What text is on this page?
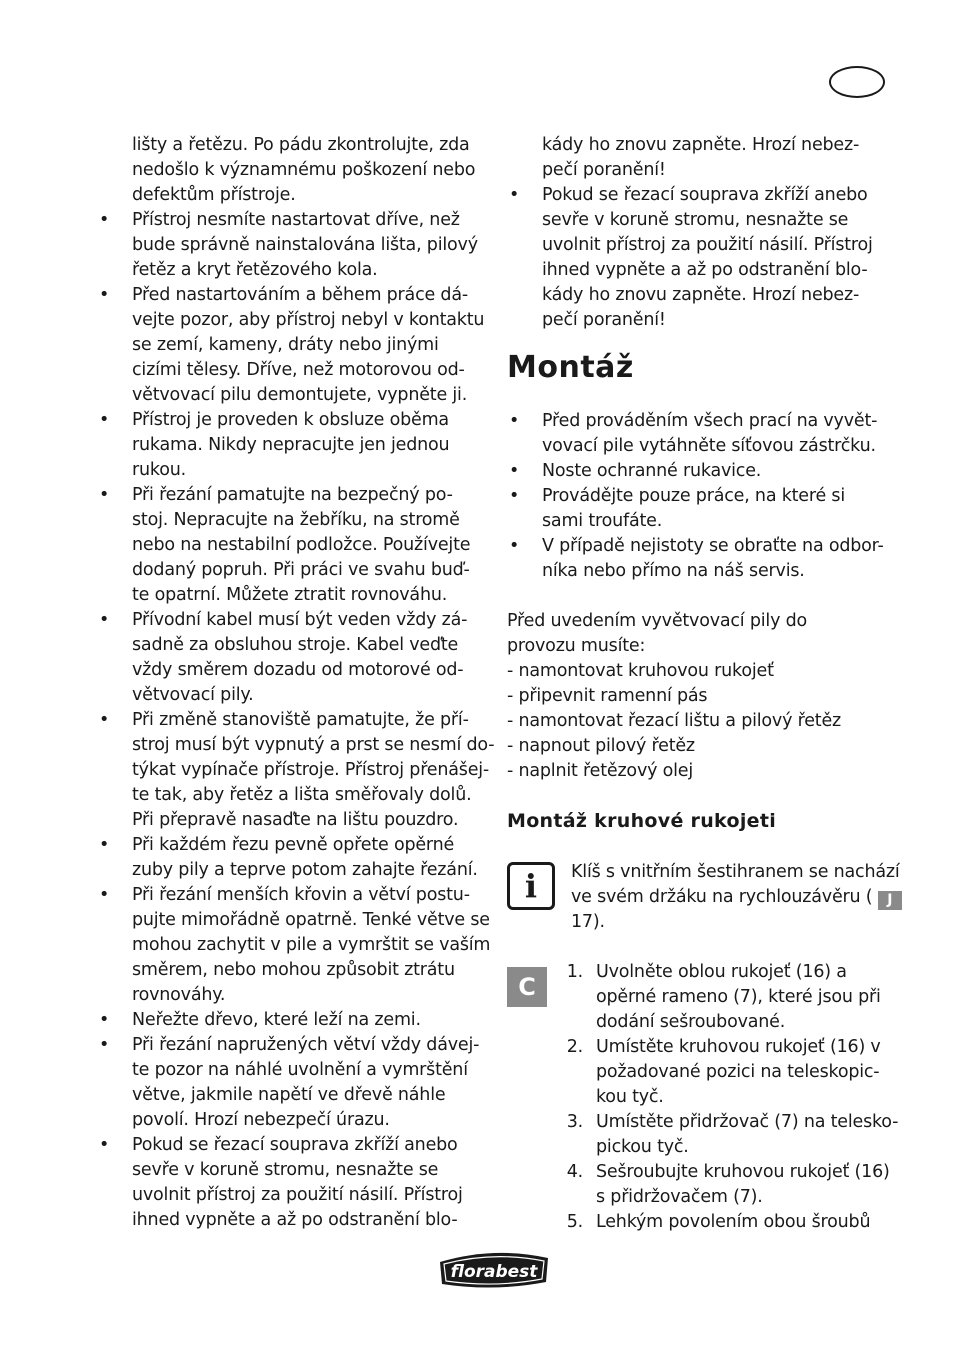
lišty a řetězu. Po pádu zkontrolujte, zda
nedošlo k významnému poškození nebo
defektům přístroje.
• Přístroj nesmíte nastartovat dříve, než
bude správně nainstalována lišta, pilový
řetěz a kryt řetězového kola.
• Před nastartováním a během práce dá-
vejte pozor, aby přístroj nebyl v kontaktu
se zemí, kameny, dráty nebo jinými
cizími tělesy. Dříve, než motorovou od-
větvovací pilu demontujete, vypněte ji.
• Přístroj je proveden k obsluze oběma
rukama. Nikdy nepracujte jen jednou
rukou.
• Při řezání pamatujte na bezpečný po-
stoj. Nepracujte na žebříku, na stromě
nebo na nestabilní podložce. Používejte
dodaný popruh. Při práci ve svahu buď-
te opatrní. Můžete ztratit rovnováhu.
• Přívodní kabel musí být veden vždy zá-
sadně za obsluhou stroje. Kabel veďte
vždy směrem dozadu od motorové od-
větvovací pily.
• Při změně stanoviště pamatujte, že pří-
stroj musí být vypnutý a prst se nesmí do-
týkat vypínače přístroje. Přístroj přenášej-
te tak, aby řetěz a lišta směřovaly dolů.
Při přepravě nasaďte na lištu pouzdro.
• Při každém řezu pevně opřete opěrné
zuby pily a teprve potom zahajte řezání.
• Při řezání menších křovin a větví postu-
pujte mimořádně opatrně. Tenké větve se
mohou zachytit v pile a vymrštit se vaším
směrem, nebo mohou způsobit ztrátu
rovnováhy.
• Neřežte dřevo, které leží na zemi.
• Při řezání napružených větví vždy dávej-
te pozor na náhlé uvolnění a vymrštění
větve, jakmile napětí ve dřevě náhle
povolí. Hrozí nebezpečí úrazu.
• Pokud se řezací souprava zkříží anebo
sevře v koruně stromu, nesnažte se
uvolnit přístroj za použití násilí. Přístroj
ihned vypněte a až po odstranění blo-
kády ho znovu zapněte. Hrozí nebez-
pečí poranění!
• Pokud se řezací souprava zkříží anebo
sevře v koruně stromu, nesnažte se
uvolnit přístroj za použití násilí. Přístroj
ihned vypněte a až po odstranění blo-
kády ho znovu zapněte. Hrozí nebez-
pečí poranění!
Montáž
• Před prováděním všech prací na vyvět-
vovací pile vytáhněte síťovou zástrčku.
• Noste ochranné rukavice.
• Provádějte pouze práce, na které si
sami troufáte.
• V případě nejistoty se obraťte na odbor-
níka nebo přímo na náš servis.
Před uvedením vyvětvovací pily do
provozu musíte:
- namontovat kruhovou rukojeť
- připevnit ramenní pás
- namontovat řezací lištu a pilový řetěz
- napnout pilový řetěz
- naplnit řetězový olej
Montáž kruhové rukojeti
i	Klíš s vnitřním šestihranem se nachází
ve svém držáku na rychlouzávěru ( J
17).
C
1. Uvolněte oblou rukojeť (16) a
opěrné rameno (7), které jsou při
dodání sešroubované.
2. Umístěte kruhovou rukojeť (16) v
požadované pozici na teleskopic-
kou tyč.
3. Umístěte přidržovač (7) na telesko-
pickou tyč.
4. Sešroubujte kruhovou rukojeť (16)
s přidržovačem (7).
5. Lehkým povolením obou šroubů
florabest
